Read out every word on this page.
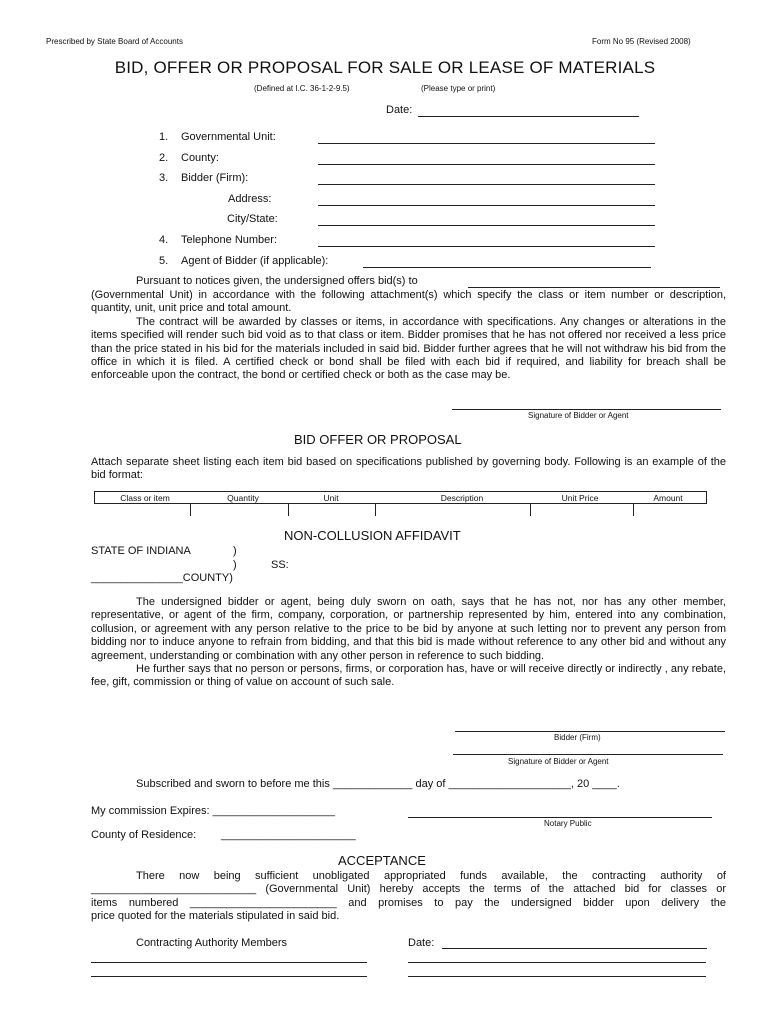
Prescribed by State Board of Accounts	Form No 95 (Revised 2008)
BID, OFFER OR PROPOSAL FOR SALE OR LEASE OF MATERIALS
(Defined at I.C. 36-1-2-9.5)	(Please type or print)
Date:
1. Governmental Unit:
2. County:
3. Bidder (Firm):
Address:
City/State:
4. Telephone Number:
5. Agent of Bidder (if applicable):
Pursuant to notices given, the undersigned offers bid(s) to

(Governmental Unit) in accordance with the following attachment(s) which specify the class or item number or description, quantity, unit, unit price and total amount.

The contract will be awarded by classes or items, in accordance with specifications. Any changes or alterations in the items specified will render such bid void as to that class or item. Bidder promises that he has not offered nor received a less price than the price stated in his bid for the materials included in said bid. Bidder further agrees that he will not withdraw his bid from the office in which it is filed. A certified check or bond shall be filed with each bid if required, and liability for breach shall be enforceable upon the contract, the bond or certified check or both as the case may be.

Signature of Bidder or Agent
BID OFFER OR PROPOSAL
Attach separate sheet listing each item bid based on specifications published by governing body. Following is an example of the bid format:
Class or item	Quantity	Unit	Description	Unit Price	Amount
NON-COLLUSION AFFIDAVIT
STATE OF INDIANA	)
)	SS:
_______________COUNTY)

The undersigned bidder or agent, being duly sworn on oath, says that he has not, nor has any other member, representative, or agent of the firm, company, corporation, or partnership represented by him, entered into any combination, collusion, or agreement with any person relative to the price to be bid by anyone at such letting nor to prevent any person from bidding nor to induce anyone to refrain from bidding, and that this bid is made without reference to any other bid and without any agreement, understanding or combination with any other person in reference to such bidding.

He further says that no person or persons, firms, or corporation has, have or will receive directly or indirectly , any rebate, fee, gift, commission or thing of value on account of such sale.

Bidder (Firm)
Signature of Bidder or Agent
Subscribed and sworn to before me this _____________ day of ____________________, 20 ____.
My commission Expires: ____________________
Notary Public
County of Residence: ______________________
ACCEPTANCE

There now being sufficient unobligated appropriated funds available, the contracting authority of

___________________________ (Governmental Unit) hereby accepts the terms of the attached bid for classes or

items numbered ________________________ and promises to pay the undersigned bidder upon delivery the

price quoted for the materials stipulated in said bid.

Contracting Authority Members	Date:
